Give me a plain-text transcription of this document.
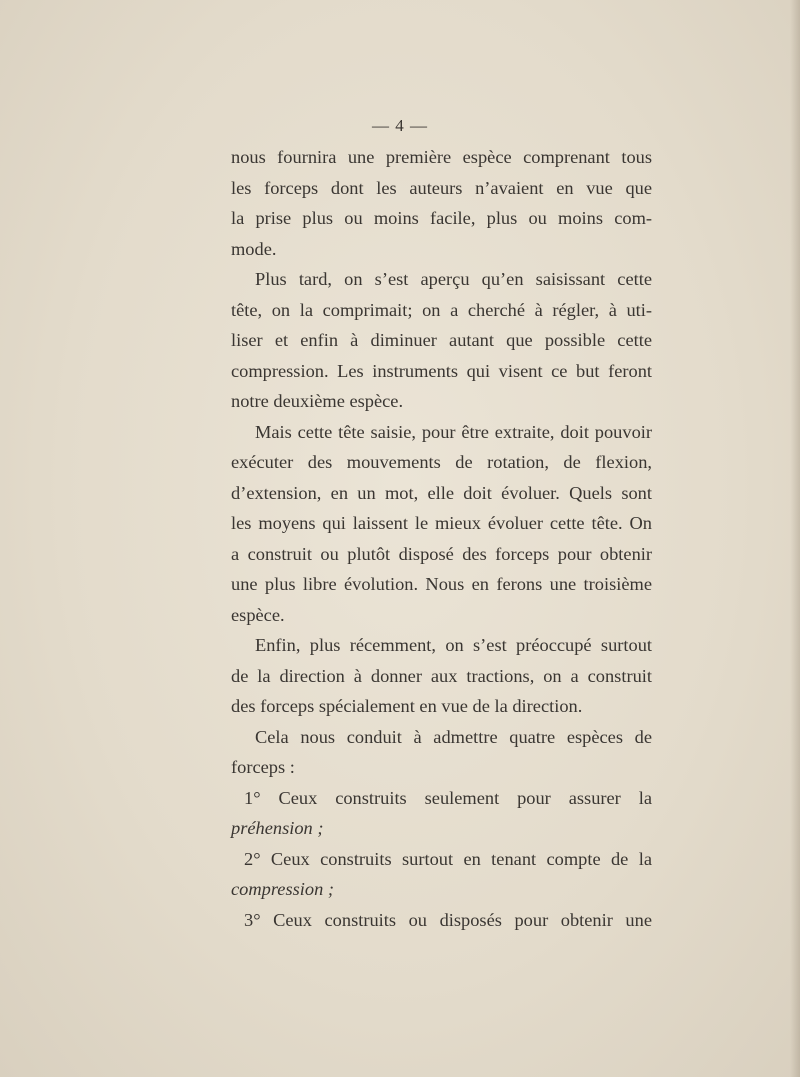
— 4 —
nous fournira une première espèce comprenant tous
les forceps dont les auteurs n’avaient en vue que
la prise plus ou moins facile, plus ou moins com-
mode.
Plus tard, on s’est aperçu qu’en saisissant cette
tête, on la comprimait; on a cherché à régler, à uti-
liser et enfin à diminuer autant que possible cette
compression. Les instruments qui visent ce but feront
notre deuxième espèce.
Mais cette tête saisie, pour être extraite, doit pouvoir
exécuter des mouvements de rotation, de flexion,
d’extension, en un mot, elle doit évoluer. Quels sont
les moyens qui laissent le mieux évoluer cette tête. On
a construit ou plutôt disposé des forceps pour obtenir
une plus libre évolution. Nous en ferons une troisième
espèce.
Enfin, plus récemment, on s’est préoccupé surtout
de la direction à donner aux tractions, on a construit
des forceps spécialement en vue de la direction.
Cela nous conduit à admettre quatre espèces de
forceps :
1° Ceux construits seulement pour assurer la
préhension ;
2° Ceux construits surtout en tenant compte de la
compression ;
3° Ceux construits ou disposés pour obtenir une
